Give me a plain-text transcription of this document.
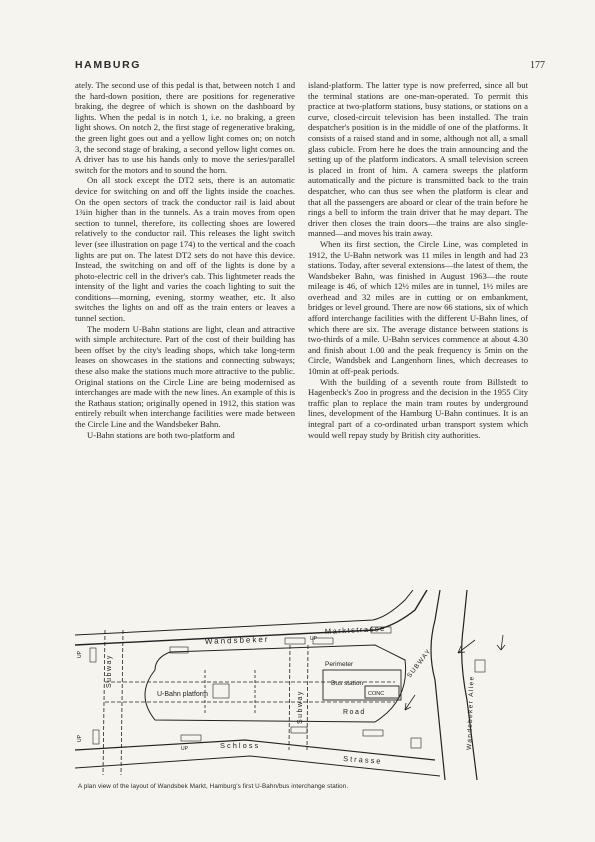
HAMBURG	177

ately. The second use of this pedal is that, between notch 1 and the hard-down position, there are positions for regenerative braking, the degree of which is shown on the dashboard by lights. When the pedal is in notch 1, i.e. no braking, a green light shows. On notch 2, the first stage of regenerative braking, the green light goes out and a yellow light comes on; on notch 3, the second stage of braking, a second yellow light comes on. A driver has to use his hands only to move the series/parallel switch for the motors and to sound the horn.

On all stock except the DT2 sets, there is an automatic device for switching on and off the lights inside the coaches. On the open sectors of track the conductor rail is laid about 1¾in higher than in the tunnels. As a train moves from open section to tunnel, therefore, its collecting shoes are lowered relatively to the conductor rail. This releases the light switch lever (see illustration on page 174) to the vertical and the coach lights are put on. The latest DT2 sets do not have this device. Instead, the switching on and off of the lights is done by a photo-electric cell in the driver's cab. This lightmeter reads the intensity of the light and varies the coach lighting to suit the conditions—morning, evening, stormy weather, etc. It also switches the lights on and off as the train enters or leaves a tunnel section.

The modern U-Bahn stations are light, clean and attractive with simple architecture. Part of the cost of their building has been offset by the city's leading shops, which take long-term leases on showcases in the stations and connecting subways; these also make the stations much more attractive to the public. Original stations on the Circle Line are being modernised as interchanges are made with the new lines. An example of this is the Rathaus station; originally opened in 1912, this station was entirely rebuilt when interchange facilities were made between the Circle Line and the Wandsbeker Bahn.

U-Bahn stations are both two-platform and

island-platform. The latter type is now preferred, since all but the terminal stations are one-man-operated. To permit this practice at two-platform stations, busy stations, or stations on a curve, closed-circuit television has been installed. The train despatcher's position is in the middle of one of the platforms. It consists of a raised stand and in some, although not all, a small glass cubicle. From here he does the train announcing and the setting up of the platform indicators. A small television screen is placed in front of him. A camera sweeps the platform automatically and the picture is transmitted back to the train despatcher, who can thus see when the platform is clear and that all the passengers are aboard or clear of the train before he rings a bell to inform the train driver that he may depart. The driver then closes the train doors—the trains are also single-manned—and moves his train away.

When its first section, the Circle Line, was completed in 1912, the U-Bahn network was 11 miles in length and had 23 stations. Today, after several extensions—the latest of them, the Wandsbeker Bahn, was finished in August 1963—the route mileage is 46, of which 12½ miles are in tunnel, 1½ miles are overhead and 32 miles are in cutting or on embankment, bridges or level ground. There are now 66 stations, six of which afford interchange facilities with the different U-Bahn lines, of which there are six. The average distance between stations is two-thirds of a mile. U-Bahn services commence at about 4.30 and finish about 1.00 and the peak frequency is 5min on the Circle, Wandsbek and Langenhorn lines, which decreases to 10min at off-peak periods.

With the building of a seventh route from Billstedt to Hagenbeck's Zoo in progress and the decision in the 1955 City traffic plan to replace the main tram routes by underground lines, development of the Hamburg U-Bahn continues. It is an integral part of a co-ordinated urban transport system which would well repay study by British city authorities.

Wandsbeker
Marktstrasse
Subway
Subway
SUBWAY
U-Bahn platform
Perimeter
Bus station
CONC
Road
Schloss
Strasse
Wandsbeker Allee
UP
UP
UP
UP
A plan view of the layout of Wandsbek Markt, Hamburg's first U-Bahn/bus interchange station.
